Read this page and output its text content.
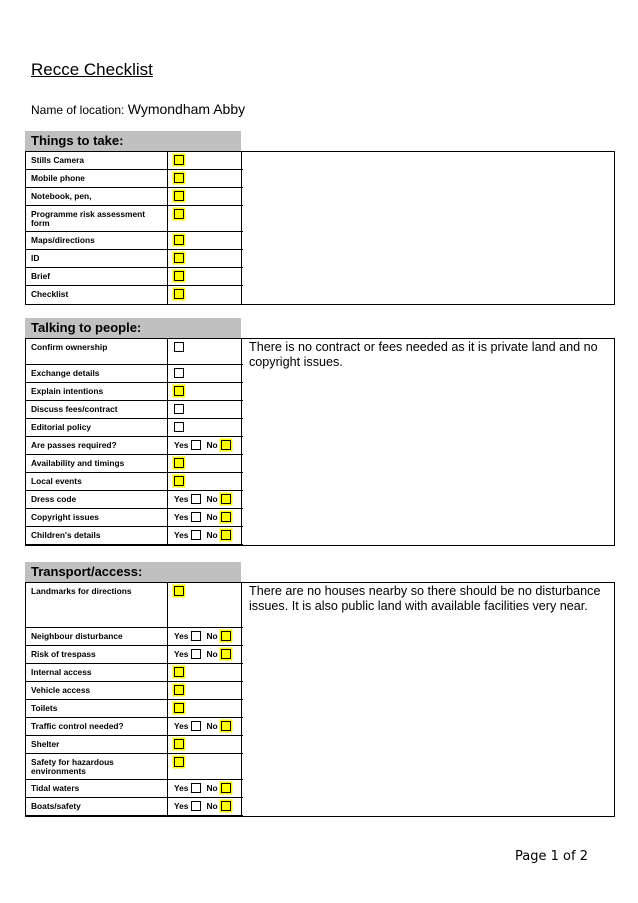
Recce Checklist
Name of location: Wymondham Abby
Things to take:
Stills Camera
Mobile phone
Notebook, pen,
Programme risk assessment form
Maps/directions
ID
Brief
Checklist
Talking to people:
Confirm ownership
Exchange details
Explain intentions
Discuss fees/contract
Editorial policy
Are passes required?	Yes No
Availability and timings
Local events
Dress code	Yes No
Copyright issues	Yes No
Children's details	Yes No
There is no contract or fees needed as it is private land and no copyright issues.
Transport/access:
Landmarks for directions
Neighbour disturbance	Yes No
Risk of trespass	Yes No
Internal access
Vehicle access
Toilets
Traffic control needed?	Yes No
Shelter
Safety for hazardous environments
Tidal waters	Yes No
Boats/safety	Yes No
There are no houses nearby so there should be no disturbance issues. It is also public land with available facilities very near.
Page 1 of 2
